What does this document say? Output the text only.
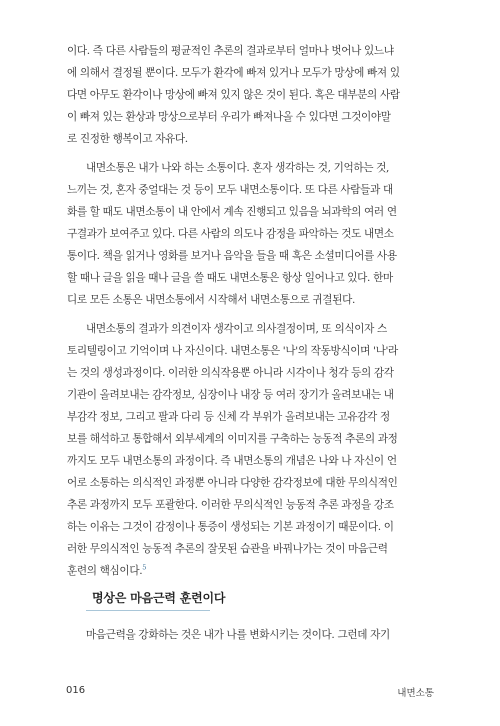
이다. 즉 다른 사람들의 평균적인 추론의 결과로부터 얼마나 벗어나 있느냐
에 의해서 결정될 뿐이다. 모두가 환각에 빠져 있거나 모두가 망상에 빠져 있
다면 아무도 환각이나 망상에 빠져 있지 않은 것이 된다. 혹은 대부분의 사람
이 빠져 있는 환상과 망상으로부터 우리가 빠져나올 수 있다면 그것이야말
로 진정한 행복이고 자유다.
내면소통은 내가 나와 하는 소통이다. 혼자 생각하는 것, 기억하는 것,
느끼는 것, 혼자 중얼대는 것 등이 모두 내면소통이다. 또 다른 사람들과 대
화를 할 때도 내면소통이 내 안에서 계속 진행되고 있음을 뇌과학의 여러 연
구결과가 보여주고 있다. 다른 사람의 의도나 감정을 파악하는 것도 내면소
통이다. 책을 읽거나 영화를 보거나 음악을 들을 때 혹은 소셜미디어를 사용
할 때나 글을 읽을 때나 글을 쓸 때도 내면소통은 항상 일어나고 있다. 한마
디로 모든 소통은 내면소통에서 시작해서 내면소통으로 귀결된다.
내면소통의 결과가 의견이자 생각이고 의사결정이며, 또 의식이자 스
토리텔링이고 기억이며 나 자신이다. 내면소통은 '나'의 작동방식이며 '나'라
는 것의 생성과정이다. 이러한 의식작용뿐 아니라 시각이나 청각 등의 감각
기관이 올려보내는 감각정보, 심장이나 내장 등 여러 장기가 올려보내는 내
부감각 정보, 그리고 팔과 다리 등 신체 각 부위가 올려보내는 고유감각 정
보를 해석하고 통합해서 외부세계의 이미지를 구축하는 능동적 추론의 과정
까지도 모두 내면소통의 과정이다. 즉 내면소통의 개념은 나와 나 자신이 언
어로 소통하는 의식적인 과정뿐 아니라 다양한 감각정보에 대한 무의식적인
추론 과정까지 모두 포괄한다. 이러한 무의식적인 능동적 추론 과정을 강조
하는 이유는 그것이 감정이나 통증이 생성되는 기본 과정이기 때문이다. 이
러한 무의식적인 능동적 추론의 잘못된 습관을 바꿔나가는 것이 마음근력
훈련의 핵심이다.$^5$
명상은 마음근력 훈련이다
마음근력을 강화하는 것은 내가 나를 변화시키는 것이다. 그런데 자기
016	내면소통
